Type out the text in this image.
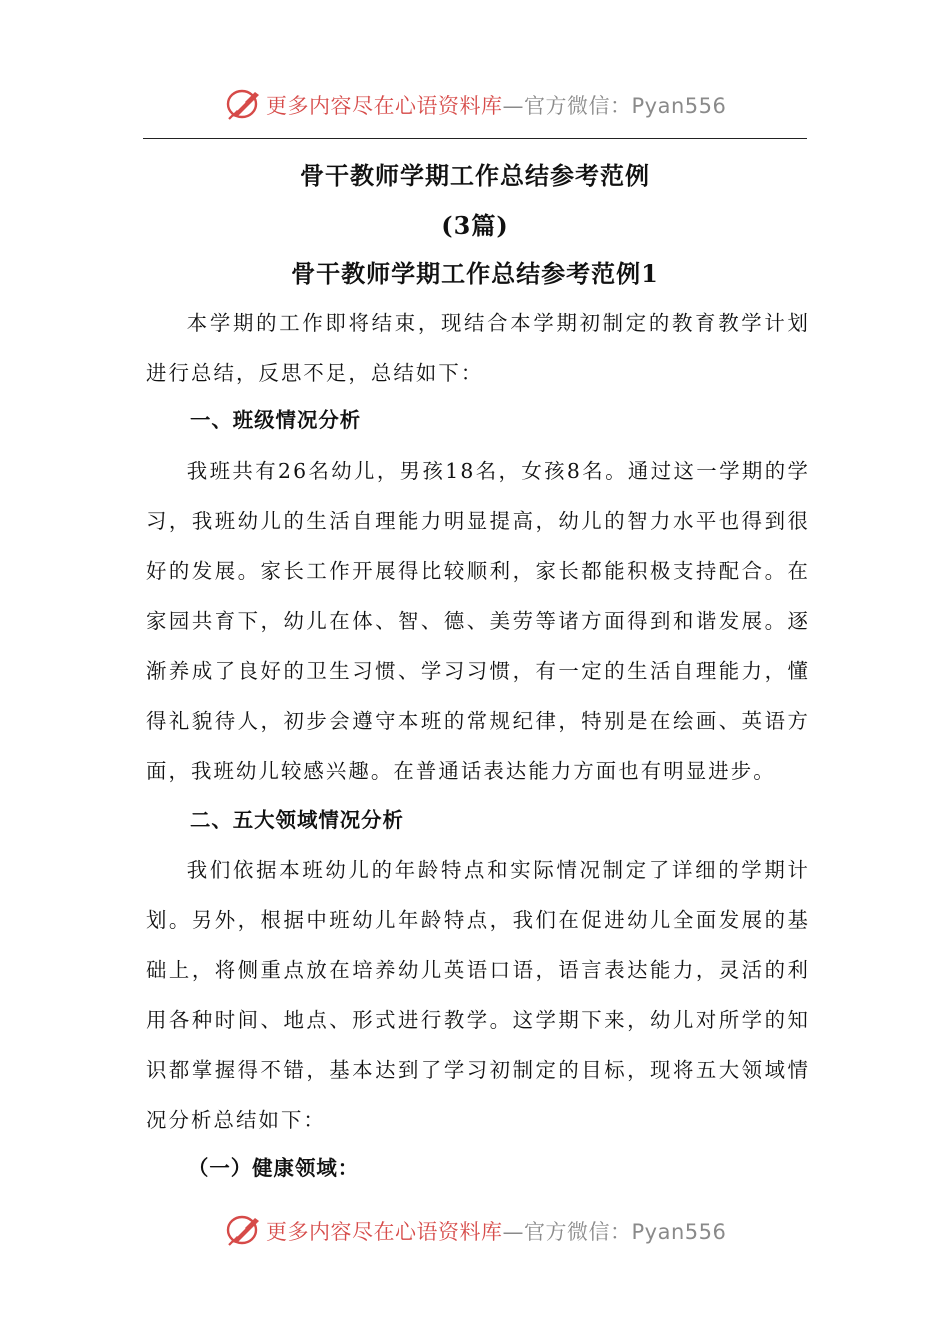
更多内容尽在心语资料库—官方微信：Pyan556
骨干教师学期工作总结参考范例
(3篇)
骨干教师学期工作总结参考范例1

本学期的工作即将结束，现结合本学期初制定的教育教学计划进行总结，反思不足，总结如下：

一、班级情况分析

我班共有26名幼儿，男孩18名，女孩8名。通过这一学期的学习，我班幼儿的生活自理能力明显提高，幼儿的智力水平也得到很好的发展。家长工作开展得比较顺利，家长都能积极支持配合。在家园共育下，幼儿在体、智、德、美劳等诸方面得到和谐发展。逐渐养成了良好的卫生习惯、学习习惯，有一定的生活自理能力，懂得礼貌待人，初步会遵守本班的常规纪律，特别是在绘画、英语方面，我班幼儿较感兴趣。在普通话表达能力方面也有明显进步。

二、五大领域情况分析

我们依据本班幼儿的年龄特点和实际情况制定了详细的学期计划。另外，根据中班幼儿年龄特点，我们在促进幼儿全面发展的基础上，将侧重点放在培养幼儿英语口语，语言表达能力，灵活的利用各种时间、地点、形式进行教学。这学期下来，幼儿对所学的知识都掌握得不错，基本达到了学习初制定的目标，现将五大领域情况分析总结如下：

（一）健康领域：

更多内容尽在心语资料库—官方微信：Pyan556
